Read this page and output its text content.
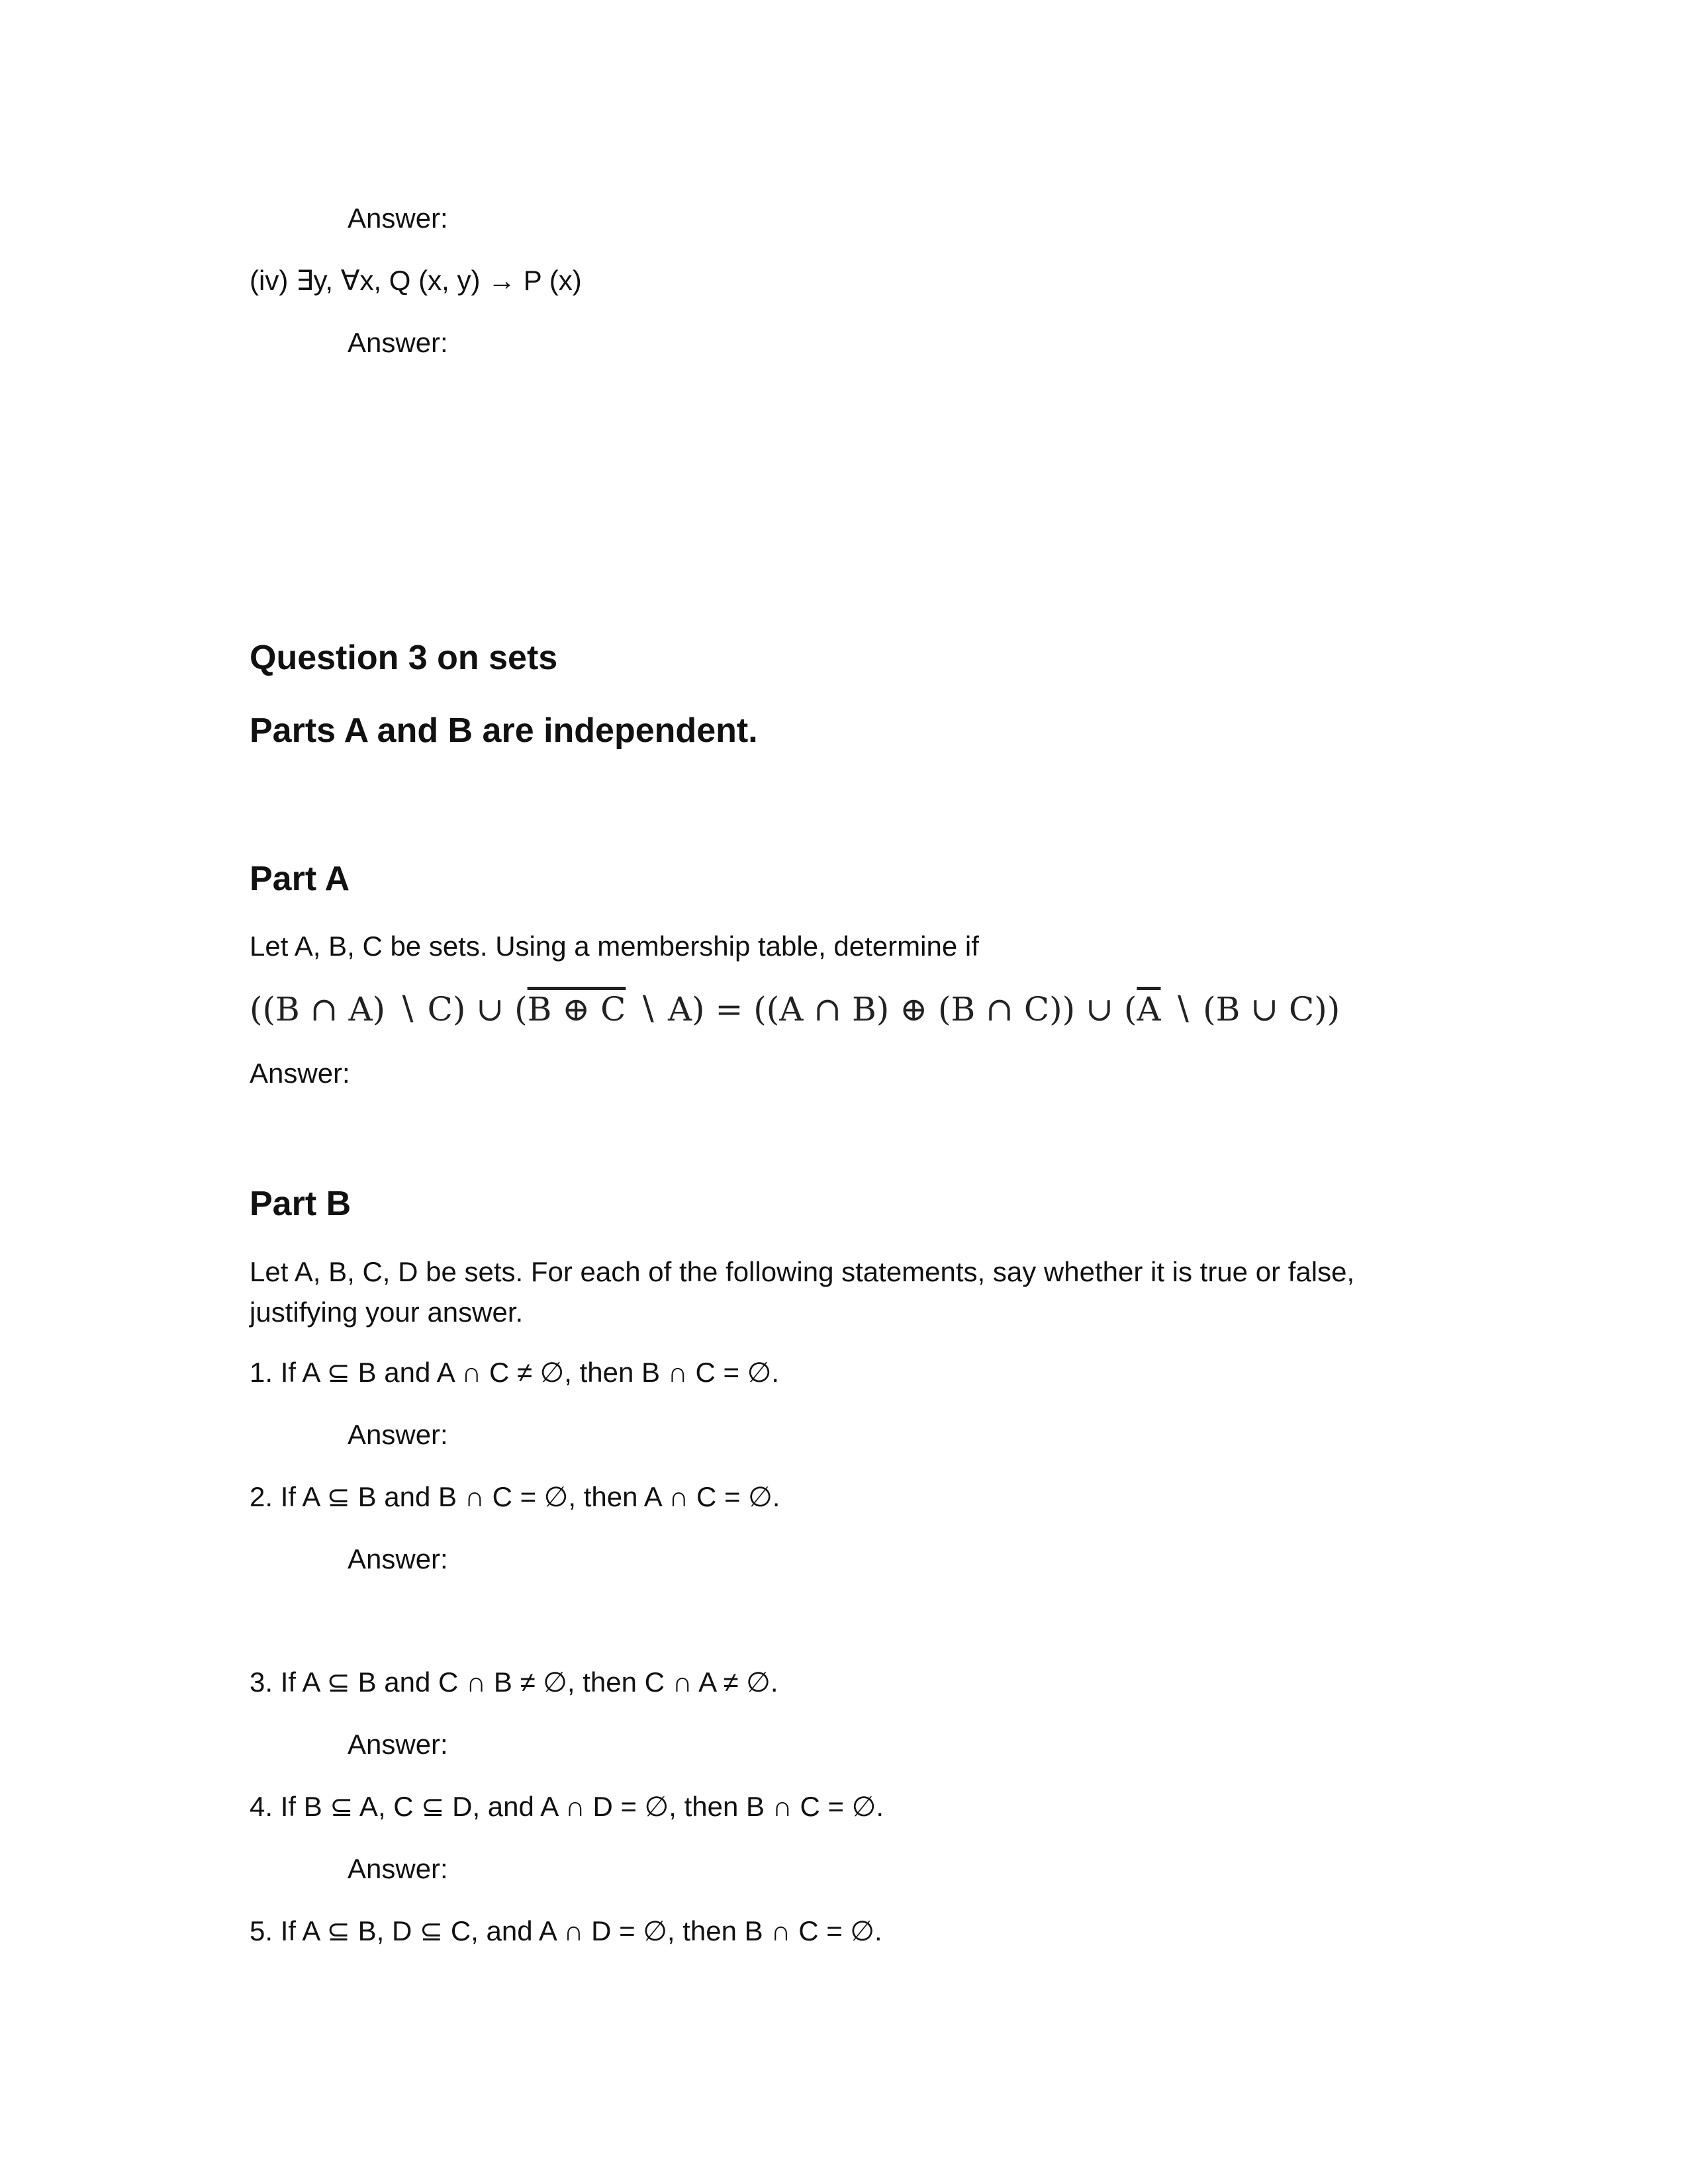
Answer:

(iv) ∃y, ∀x, Q (x, y) → P (x)

Answer:

Question 3 on sets
Parts A and B are independent.
Part A

Let A, B, C be sets. Using a membership table, determine if

((B ∩ A) ∖ C) ∪ (B ⊕ C ∖ A) = ((A ∩ B) ⊕ (B ∩ C)) ∪ ($\overline{A}$ ∖ (B ∪ C))

Answer:

Part B

Let A, B, C, D be sets. For each of the following statements, say whether it is true or false, justifying your answer.

1. If A ⊆ B and A ∩ C ≠ ∅, then B ∩ C = ∅.

Answer:

2. If A ⊆ B and B ∩ C = ∅, then A ∩ C = ∅.

Answer:

3. If A ⊆ B and C ∩ B ≠ ∅, then C ∩ A ≠ ∅.

Answer:

4. If B ⊆ A, C ⊆ D, and A ∩ D = ∅, then B ∩ C = ∅.

Answer:

5. If A ⊆ B, D ⊆ C, and A ∩ D = ∅, then B ∩ C = ∅.
